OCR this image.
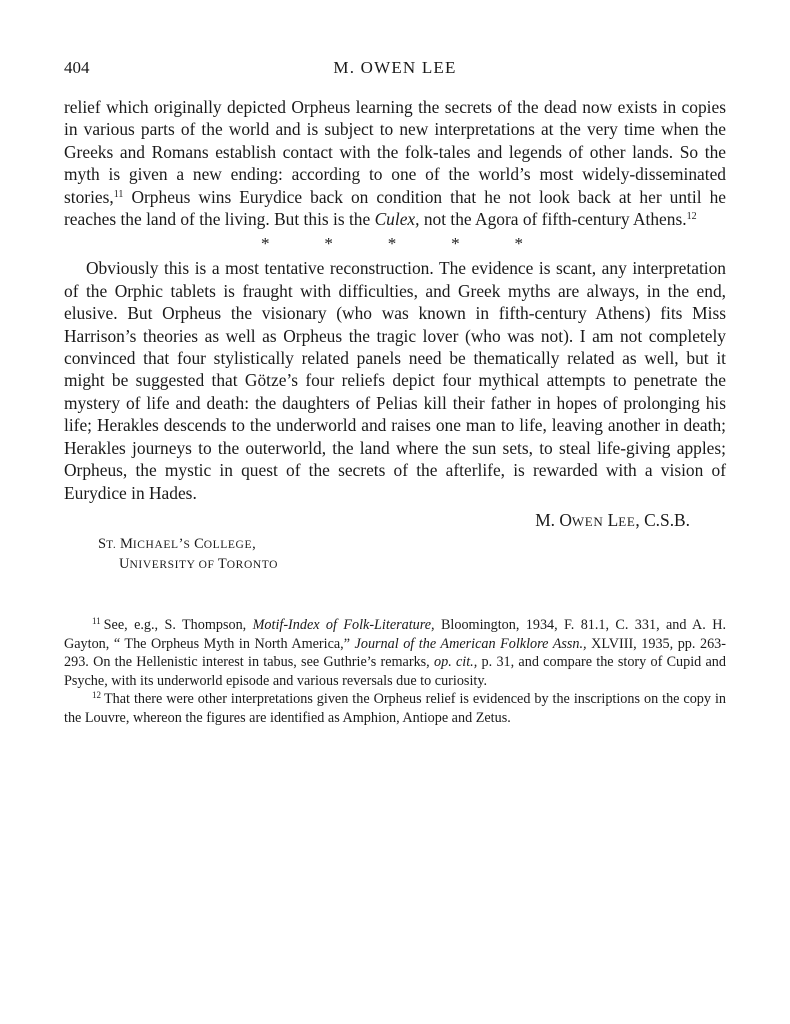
404	M. OWEN LEE

relief which originally depicted Orpheus learning the secrets of the dead now exists in copies in various parts of the world and is subject to new interpretations at the very time when the Greeks and Romans establish contact with the folk-tales and legends of other lands. So the myth is given a new ending: according to one of the world’s most widely-disseminated stories,$^{11}$ Orpheus wins Eurydice back on condition that he not look back at her until he reaches the land of the living. But this is the Culex, not the Agora of fifth-century Athens.$^{12}$

*	*	*	*	*

Obviously this is a most tentative reconstruction. The evidence is scant, any interpretation of the Orphic tablets is fraught with difficulties, and Greek myths are always, in the end, elusive. But Orpheus the visionary (who was known in fifth-century Athens) fits Miss Harrison’s theories as well as Orpheus the tragic lover (who was not). I am not completely convinced that four stylistically related panels need be thematically related as well, but it might be suggested that Götze’s four reliefs depict four mythical attempts to penetrate the mystery of life and death: the daughters of Pelias kill their father in hopes of prolonging his life; Herakles descends to the underworld and raises one man to life, leaving another in death; Herakles journeys to the outerworld, the land where the sun sets, to steal life-giving apples; Orpheus, the mystic in quest of the secrets of the afterlife, is rewarded with a vision of Eurydice in Hades.

M. OWEN LEE, C.S.B.
ST. MICHAEL’S COLLEGE,
UNIVERSITY OF TORONTO

$^{11}$ See, e.g., S. Thompson, Motif-Index of Folk-Literature, Bloomington, 1934, F. 81.1, C. 331, and A. H. Gayton, “ The Orpheus Myth in North America,” Journal of the American Folklore Assn., XLVIII, 1935, pp. 263-293. On the Hellenistic interest in tabus, see Guthrie’s remarks, op. cit., p. 31, and compare the story of Cupid and Psyche, with its underworld episode and various reversals due to curiosity.

$^{12}$ That there were other interpretations given the Orpheus relief is evidenced by the inscriptions on the copy in the Louvre, whereon the figures are identified as Amphion, Antiope and Zetus.
